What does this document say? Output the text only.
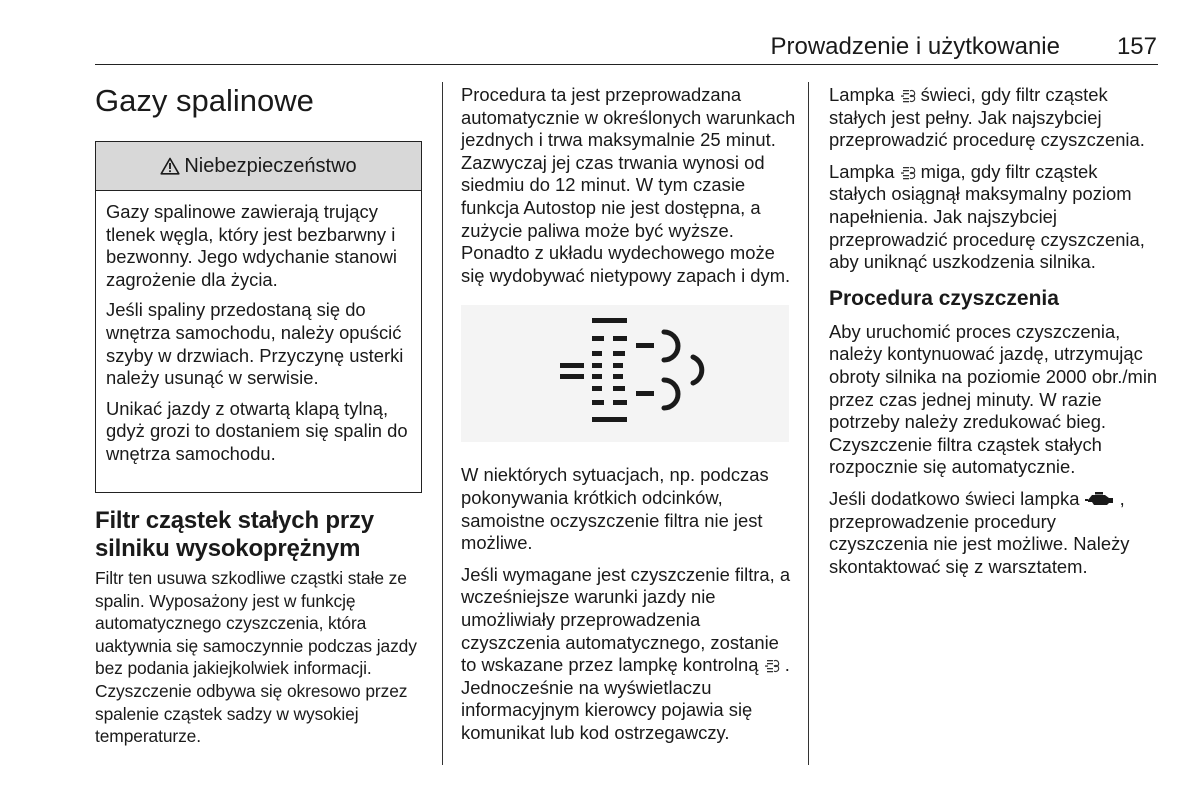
Prowadzenie i użytkowanie 157
Gazy spalinowe
Niebezpieczeństwo

Gazy spalinowe zawierają trujący tlenek węgla, który jest bezbarwny i bezwonny. Jego wdychanie stanowi zagrożenie dla życia.

Jeśli spaliny przedostaną się do wnętrza samochodu, należy opuścić szyby w drzwiach. Przyczynę usterki należy usunąć w serwisie.

Unikać jazdy z otwartą klapą tylną, gdyż grozi to dostaniem się spalin do wnętrza samochodu.

Filtr cząstek stałych przy silniku wysokoprężnym

Filtr ten usuwa szkodliwe cząstki stałe ze spalin. Wyposażony jest w funkcję automatycznego czyszczenia, która uaktywnia się samoczynnie podczas jazdy bez podania jakiejkolwiek informacji. Czyszczenie odbywa się okresowo przez spalenie cząstek sadzy w wysokiej temperaturze.

Procedura ta jest przeprowadzana automatycznie w określonych warunkach jezdnych i trwa maksymalnie 25 minut. Zazwyczaj jej czas trwania wynosi od siedmiu do 12 minut. W tym czasie funkcja Autostop nie jest dostępna, a zużycie paliwa może być wyższe. Ponadto z układu wydechowego może się wydobywać nietypowy zapach i dym.

W niektórych sytuacjach, np. podczas pokonywania krótkich odcinków, samoistne oczyszczenie filtra nie jest możliwe.

Jeśli wymagane jest czyszczenie filtra, a wcześniejsze warunki jazdy nie umożliwiały przeprowadzenia czyszczenia automatycznego, zostanie to wskazane przez lampkę kontrolną  . Jednocześnie na wyświetlaczu informacyjnym kierowcy pojawia się komunikat lub kod ostrzegawczy.

Lampka  świeci, gdy filtr cząstek stałych jest pełny. Jak najszybciej przeprowadzić procedurę czyszczenia.

Lampka  miga, gdy filtr cząstek stałych osiągnął maksymalny poziom napełnienia. Jak najszybciej przeprowadzić procedurę czyszczenia, aby uniknąć uszkodzenia silnika.

Procedura czyszczenia

Aby uruchomić proces czyszczenia, należy kontynuować jazdę, utrzymując obroty silnika na poziomie 2000 obr./min przez czas jednej minuty. W razie potrzeby należy zredukować bieg. Czyszczenie filtra cząstek stałych rozpocznie się automatycznie.

Jeśli dodatkowo świeci lampka  , przeprowadzenie procedury czyszczenia nie jest możliwe. Należy skontaktować się z warsztatem.
